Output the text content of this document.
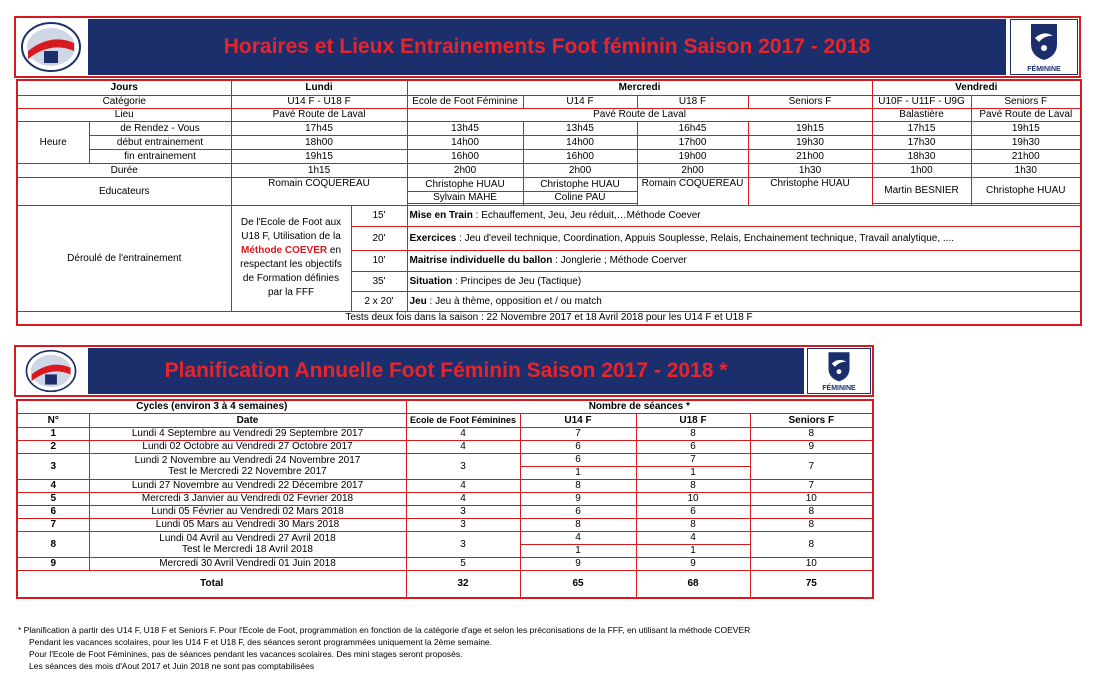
Horaires et Lieux Entrainements Foot féminin Saison 2017 - 2018
FÉMININE
Jours		Lundi		Mercredi				Vendredi	
Catégorie		U14 F - U18 F		Ecole de Foot Féminine	U14 F	U18 F	Seniors F	U10F - U11F - U9G	Seniors F
Lieu		Pavé Route de Laval		Pavé Route de Laval				Balastière	Pavé Route de Laval
Heure	de Rendez - Vous	17h45		13h45	13h45	16h45	19h15	17h15	19h15
	début entrainement	18h00		14h00	14h00	17h00	19h30	17h30	19h30
	fin entrainement	19h15		16h00	16h00	19h00	21h00	18h30	21h00
Durée		1h15		2h00	2h00	2h00	1h30	1h00	1h30
Educateurs		Romain COQUEREAU		Christophe HUAU	Christophe HUAU	Romain COQUEREAU	Christophe HUAU	Martin BESNIER	Christophe HUAU
				Sylvain MAHE	Coline PAU				

Déroulé de l'entrainement		De l'Ecole de Foot aux U18 F, Utilisation de la Méthode COEVER en respectant les objectifs de Formation définies par la FFF	15'	Mise en Train : Echauffement, Jeu, Jeu réduit,…Méthode Coever					
			20'	Exercices : Jeu d'eveil technique, Coordination, Appuis Souplesse, Relais, Enchainement technique, Travail analytique, ....					
			10'	Maitrise individuelle du ballon : Jonglerie ; Méthode Coerver					
			35'	Situation : Principes de Jeu (Tactique)					
			2 x 20'	Jeu : Jeu à thème, opposition et / ou match					
Tests deux fois dans la saison : 22 Novembre 2017 et 18 Avril 2018 pour les U14 F et U18 F									
Planification Annuelle Foot Féminin Saison 2017 - 2018 *
FÉMININE
Cycles (environ 3 à 4 semaines)		Nombre de séances *			
N°	Date	Ecole de Foot Féminines	U14 F	U18 F	Seniors F
1	Lundi 4 Septembre au Vendredi 29 Septembre 2017	4	7	8	8
2	Lundi 02 Octobre au Vendredi 27 Octobre 2017	4	6	6	9
3	Lundi 2 Novembre au Vendredi 24 Novembre 2017
Test le Mercredi 22 Novembre 2017	3	6	7	7
			1	1	
4	Lundi 27 Novembre au Vendredi 22 Décembre 2017	4	8	8	7
5	Mercredi 3 Janvier au Vendredi 02 Fevrier 2018	4	9	10	10
6	Lundi 05 Février au Vendredi 02 Mars 2018	3	6	6	8
7	Lundi 05 Mars au Vendredi 30 Mars 2018	3	8	8	8
8	Lundi 04 Avril au Vendredi 27 Avril 2018
Test le Mercredi 18 Avril 2018	3	4	4	8
			1	1	
9	Mercredi 30 Avril Vendredi 01 Juin 2018	5	9	9	10
Total		32	65	68	75
* Planification à partir des U14 F, U18 F et Seniors F. Pour l'Ecole de Foot, programmation en fonction de la catégorie d'age et selon les préconisations de la FFF, en utilisant la méthode COEVER
Pendant les vacances scolaires, pour les U14 F et U18 F, des séances seront programmées uniquement la 2ème semaine.
Pour l'Ecole de Foot Féminines, pas de séances pendant les vacances scolaires. Des mini stages seront proposés.
Les séances des mois d'Aout 2017 et Juin 2018 ne sont pas comptabilisées
